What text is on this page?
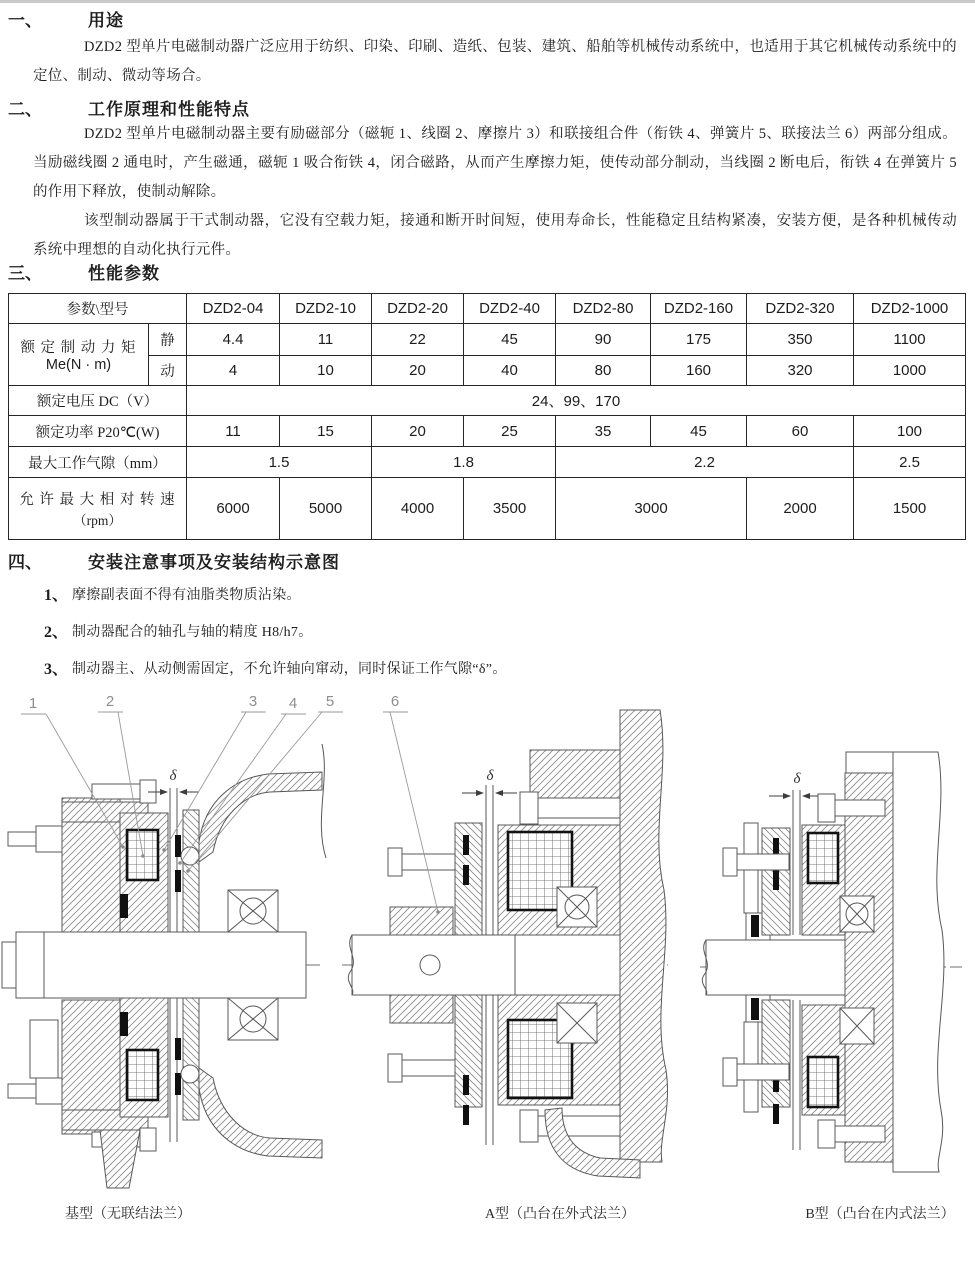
一、	用途

DZD2 型单片电磁制动器广泛应用于纺织、印染、印刷、造纸、包装、建筑、船舶等机械传动系统中，也适用于其它机械传动系统中的定位、制动、微动等场合。

二、	工作原理和性能特点

DZD2 型单片电磁制动器主要有励磁部分（磁轭 1、线圈 2、摩擦片 3）和联接组合件（衔铁 4、弹簧片 5、联接法兰 6）两部分组成。当励磁线圈 2 通电时，产生磁通，磁轭 1 吸合衔铁 4，闭合磁路，从而产生摩擦力矩，使传动部分制动，当线圈 2 断电后，衔铁 4 在弹簧片 5 的作用下释放，使制动解除。

该型制动器属于干式制动器，它没有空载力矩，接通和断开时间短，使用寿命长，性能稳定且结构紧凑，安装方便，是各种机械传动系统中理想的自动化执行元件。

三、	性能参数
参数\型号		DZD2-04	DZD2-10	DZD2-20	DZD2-40	DZD2-80	DZD2-160	DZD2-320	DZD2-1000

额 定 制 动 力 矩
Me(N · m)	静	4.4	11	22	45	90	175	350	1100
	动	4	10	20	40	80	160	320	1000
额定电压 DC（V）		24、99、170							
额定功率 P20℃(W)		11	15	20	25	35	45	60	100
最大工作气隙（mm）		1.5		1.8		2.2			2.5

允 许 最 大 相 对 转 速
（rpm）		6000	5000	4000	3500	3000		2000	1500
四、	安装注意事项及安装结构示意图
1、 摩擦副表面不得有油脂类物质沾染。
2、 制动器配合的轴孔与轴的精度 H8/h7。
3、 制动器主、从动侧需固定，不允许轴向窜动，同时保证工作气隙“δ”。
δ	δ	δ
1	2	3 4 5	6
基型（无联结法兰）	A型（凸台在外式法兰）	B型（凸台在内式法兰）
